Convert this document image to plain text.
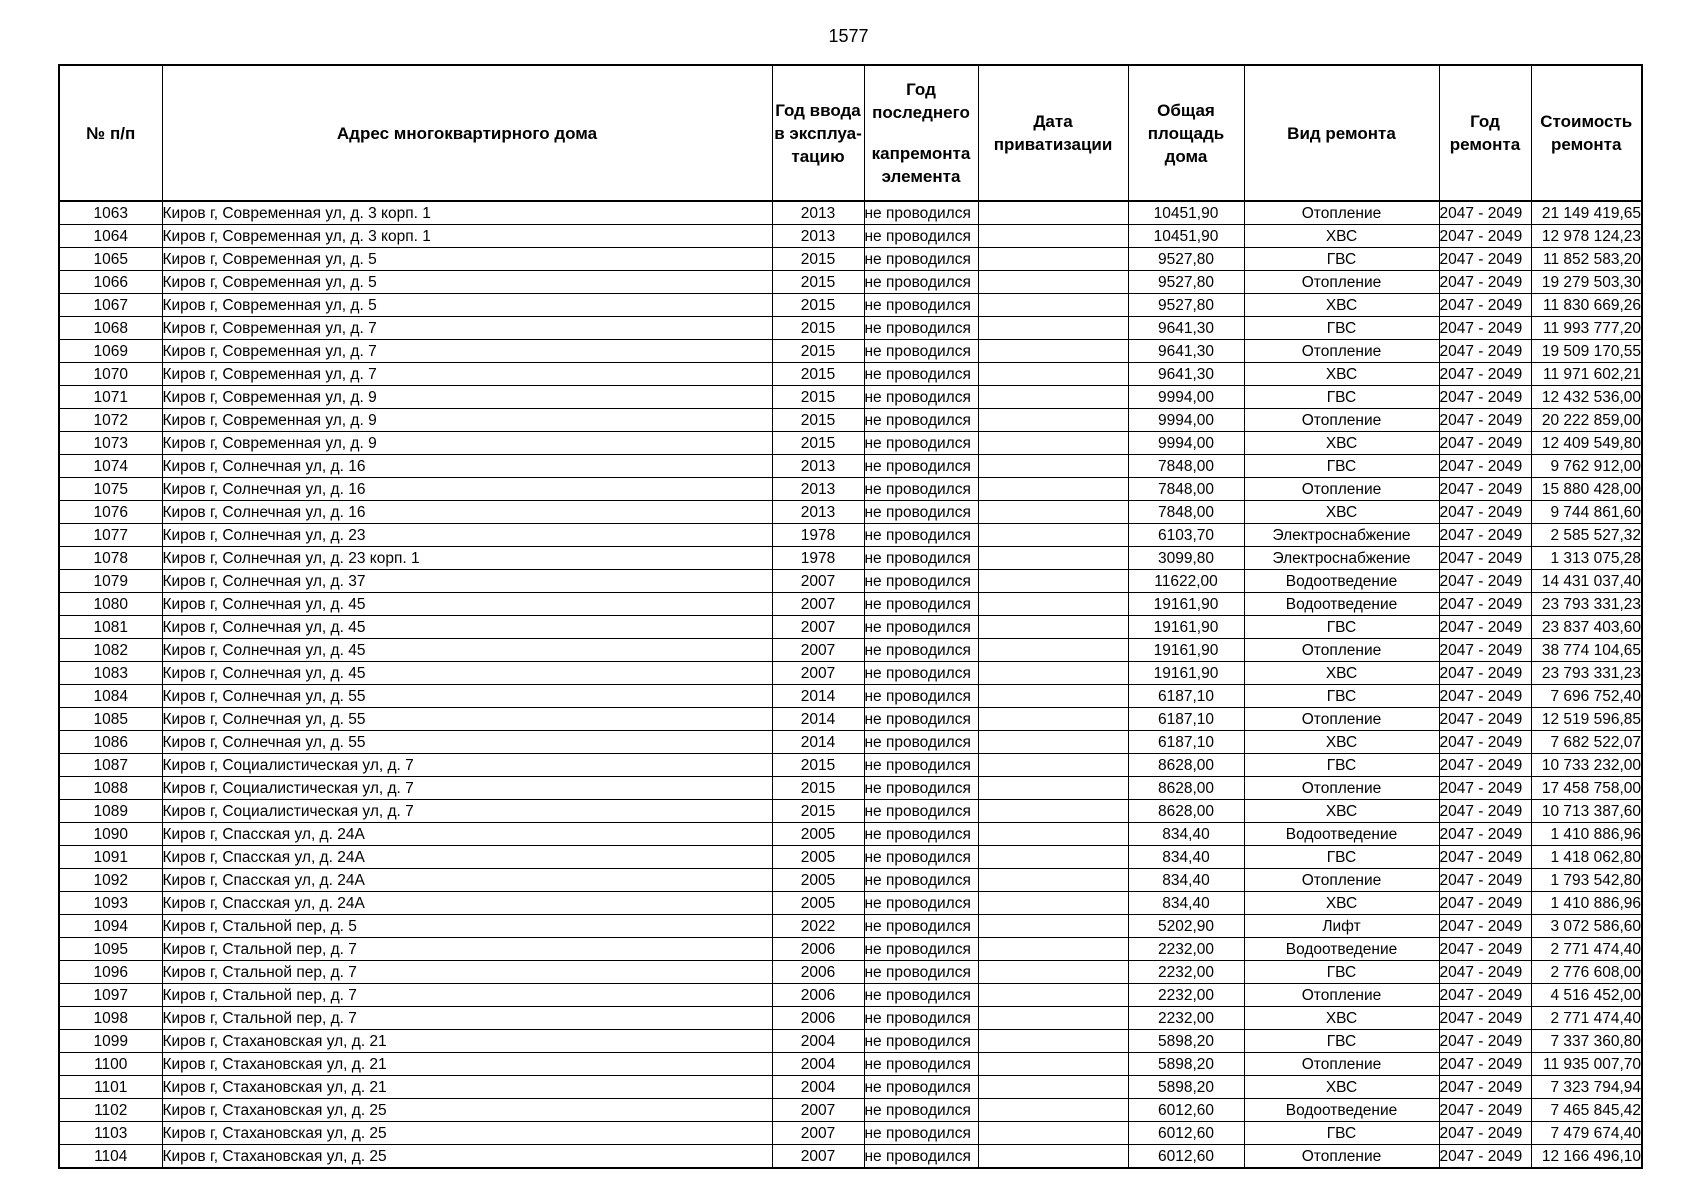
1577
№ п/п	Адрес многоквартирного дома	Год ввода в эксплуа-тацию	Год последнего
капремонта элемента	Дата приватизации	Общая площадь дома	Вид ремонта	Год ремонта	Стоимость ремонта
1063	Киров г, Современная ул, д. 3 корп. 1	2013	не проводился		10451,90	Отопление	2047 - 2049	21 149 419,65
1064	Киров г, Современная ул, д. 3 корп. 1	2013	не проводился		10451,90	ХВС	2047 - 2049	12 978 124,23
1065	Киров г, Современная ул, д. 5	2015	не проводился		9527,80	ГВС	2047 - 2049	11 852 583,20
1066	Киров г, Современная ул, д. 5	2015	не проводился		9527,80	Отопление	2047 - 2049	19 279 503,30
1067	Киров г, Современная ул, д. 5	2015	не проводился		9527,80	ХВС	2047 - 2049	11 830 669,26
1068	Киров г, Современная ул, д. 7	2015	не проводился		9641,30	ГВС	2047 - 2049	11 993 777,20
1069	Киров г, Современная ул, д. 7	2015	не проводился		9641,30	Отопление	2047 - 2049	19 509 170,55
1070	Киров г, Современная ул, д. 7	2015	не проводился		9641,30	ХВС	2047 - 2049	11 971 602,21
1071	Киров г, Современная ул, д. 9	2015	не проводился		9994,00	ГВС	2047 - 2049	12 432 536,00
1072	Киров г, Современная ул, д. 9	2015	не проводился		9994,00	Отопление	2047 - 2049	20 222 859,00
1073	Киров г, Современная ул, д. 9	2015	не проводился		9994,00	ХВС	2047 - 2049	12 409 549,80
1074	Киров г, Солнечная ул, д. 16	2013	не проводился		7848,00	ГВС	2047 - 2049	9 762 912,00
1075	Киров г, Солнечная ул, д. 16	2013	не проводился		7848,00	Отопление	2047 - 2049	15 880 428,00
1076	Киров г, Солнечная ул, д. 16	2013	не проводился		7848,00	ХВС	2047 - 2049	9 744 861,60
1077	Киров г, Солнечная ул, д. 23	1978	не проводился		6103,70	Электроснабжение	2047 - 2049	2 585 527,32
1078	Киров г, Солнечная ул, д. 23 корп. 1	1978	не проводился		3099,80	Электроснабжение	2047 - 2049	1 313 075,28
1079	Киров г, Солнечная ул, д. 37	2007	не проводился		11622,00	Водоотведение	2047 - 2049	14 431 037,40
1080	Киров г, Солнечная ул, д. 45	2007	не проводился		19161,90	Водоотведение	2047 - 2049	23 793 331,23
1081	Киров г, Солнечная ул, д. 45	2007	не проводился		19161,90	ГВС	2047 - 2049	23 837 403,60
1082	Киров г, Солнечная ул, д. 45	2007	не проводился		19161,90	Отопление	2047 - 2049	38 774 104,65
1083	Киров г, Солнечная ул, д. 45	2007	не проводился		19161,90	ХВС	2047 - 2049	23 793 331,23
1084	Киров г, Солнечная ул, д. 55	2014	не проводился		6187,10	ГВС	2047 - 2049	7 696 752,40
1085	Киров г, Солнечная ул, д. 55	2014	не проводился		6187,10	Отопление	2047 - 2049	12 519 596,85
1086	Киров г, Солнечная ул, д. 55	2014	не проводился		6187,10	ХВС	2047 - 2049	7 682 522,07
1087	Киров г, Социалистическая ул, д. 7	2015	не проводился		8628,00	ГВС	2047 - 2049	10 733 232,00
1088	Киров г, Социалистическая ул, д. 7	2015	не проводился		8628,00	Отопление	2047 - 2049	17 458 758,00
1089	Киров г, Социалистическая ул, д. 7	2015	не проводился		8628,00	ХВС	2047 - 2049	10 713 387,60
1090	Киров г, Спасская ул, д. 24А	2005	не проводился		834,40	Водоотведение	2047 - 2049	1 410 886,96
1091	Киров г, Спасская ул, д. 24А	2005	не проводился		834,40	ГВС	2047 - 2049	1 418 062,80
1092	Киров г, Спасская ул, д. 24А	2005	не проводился		834,40	Отопление	2047 - 2049	1 793 542,80
1093	Киров г, Спасская ул, д. 24А	2005	не проводился		834,40	ХВС	2047 - 2049	1 410 886,96
1094	Киров г, Стальной пер, д. 5	2022	не проводился		5202,90	Лифт	2047 - 2049	3 072 586,60
1095	Киров г, Стальной пер, д. 7	2006	не проводился		2232,00	Водоотведение	2047 - 2049	2 771 474,40
1096	Киров г, Стальной пер, д. 7	2006	не проводился		2232,00	ГВС	2047 - 2049	2 776 608,00
1097	Киров г, Стальной пер, д. 7	2006	не проводился		2232,00	Отопление	2047 - 2049	4 516 452,00
1098	Киров г, Стальной пер, д. 7	2006	не проводился		2232,00	ХВС	2047 - 2049	2 771 474,40
1099	Киров г, Стахановская ул, д. 21	2004	не проводился		5898,20	ГВС	2047 - 2049	7 337 360,80
1100	Киров г, Стахановская ул, д. 21	2004	не проводился		5898,20	Отопление	2047 - 2049	11 935 007,70
1101	Киров г, Стахановская ул, д. 21	2004	не проводился		5898,20	ХВС	2047 - 2049	7 323 794,94
1102	Киров г, Стахановская ул, д. 25	2007	не проводился		6012,60	Водоотведение	2047 - 2049	7 465 845,42
1103	Киров г, Стахановская ул, д. 25	2007	не проводился		6012,60	ГВС	2047 - 2049	7 479 674,40
1104	Киров г, Стахановская ул, д. 25	2007	не проводился		6012,60	Отопление	2047 - 2049	12 166 496,10
